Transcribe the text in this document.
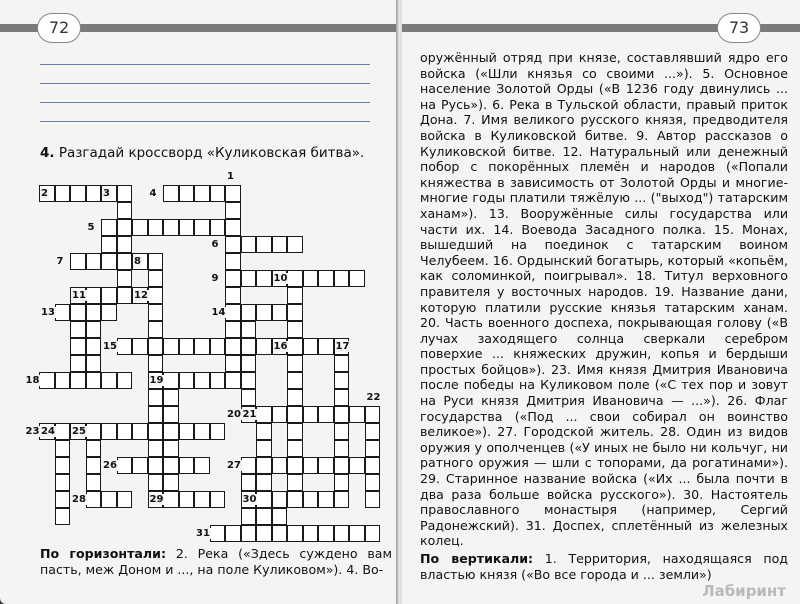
72
4. Разгадай кроссворд «Куликовская битва».
1
2	3	4
5
6
7	8
9	10
11	12
13	14
15	16	17
18	19
20 21
22
23 24 25
26	27
28	29	30
31
По горизонтали: 2. Река («Здесь суждено вам пасть, меж Доном и ..., на поле Куликовом»). 4. Во-
73
оружённый отряд при князе, составлявший ядро его войска («Шли князья со своими ...»). 5. Основное население Золотой Орды («В 1236 году двинулись ... на Русь»). 6. Река в Тульской области, правый приток Дона. 7. Имя великого русского князя, предводителя войска в Куликовской битве. 9. Автор рассказов о Куликовской битве. 12. Натуральный или денежный побор с покорённых племён и народов («Попали княжества в зависимость от Золотой Орды и многие-многие годы платили тяжёлую ... ("выход") татарским ханам»). 13. Вооружённые силы государства или части их. 14. Воевода Засадного полка. 15. Монах, вышедший на поединок с татарским воином Челубеем. 16. Ордынский богатырь, который «копьём, как соломинкой, поигрывал». 18. Титул верховного правителя у восточных народов. 19. Название дани, которую платили русские князья татарским ханам. 20. Часть военного доспеха, покрывающая голову («В лучах заходящего солнца сверкали серебром поверхие ... княжеских дружин, копья и бердыши простых бойцов»). 23. Имя князя Дмитрия Ивановича после победы на Куликовом поле («С тех пор и зовут на Руси князя Дмитрия Ивановича — ...»). 26. Флаг государства («Под ... свои собирал он воинство великое»). 27. Городской житель. 28. Один из видов оружия у ополченцев («У иных не было ни кольчуг, ни ратного оружия — шли с топорами, да рогатинами»). 29. Старинное название войска («Их ... была почти в два раза больше войска русского»). 30. Настоятель православного монастыря (например, Сергий Радонежский). 31. Доспех, сплетённый из железных колец.
По вертикали: 1. Территория, находящаяся под властью князя («Во все города и ... земли»)
Лабиринт
